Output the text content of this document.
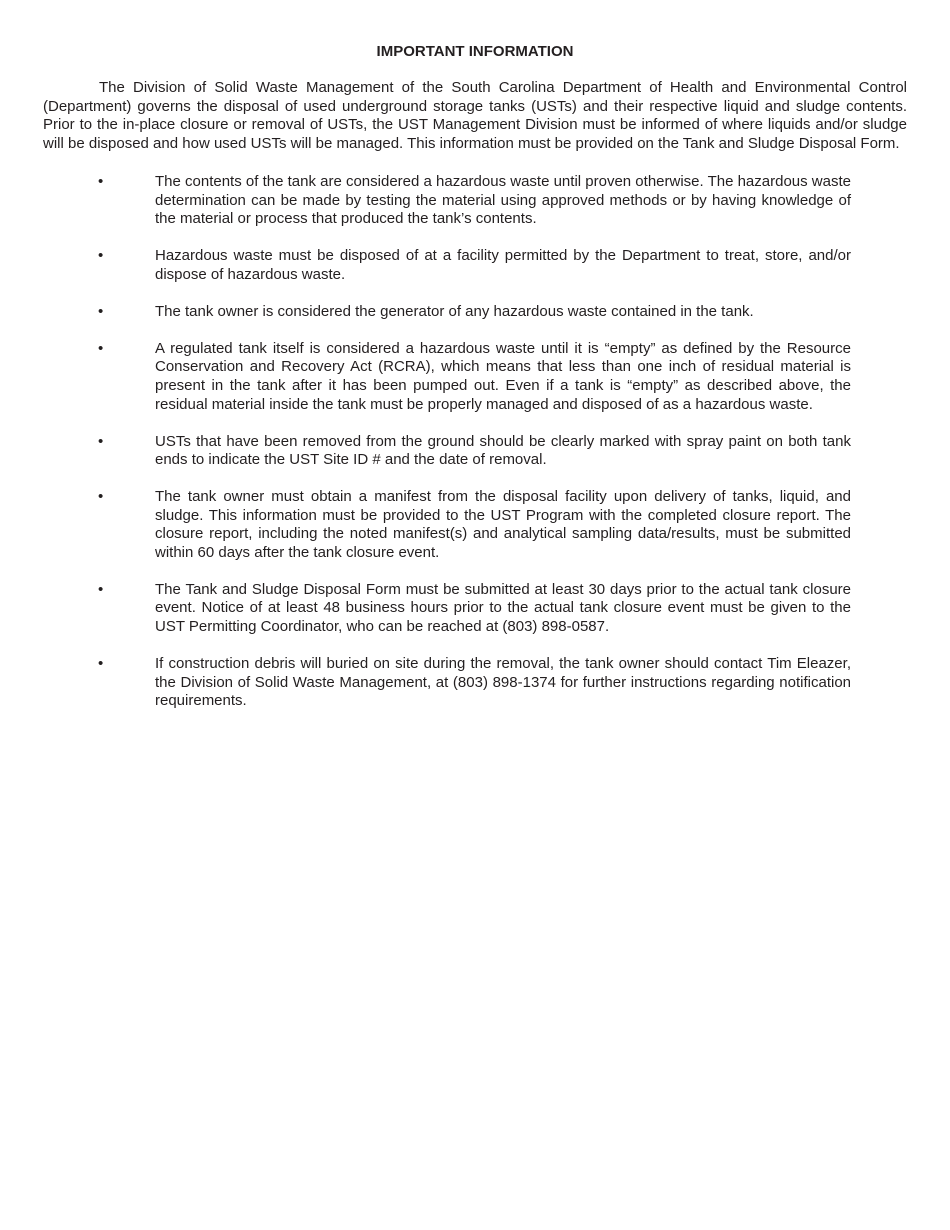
IMPORTANT INFORMATION

The Division of Solid Waste Management of the South Carolina Department of Health and Environmental Control (Department) governs the disposal of used underground storage tanks (USTs) and their respective liquid and sludge contents. Prior to the in-place closure or removal of USTs, the UST Management Division must be informed of where liquids and/or sludge will be disposed and how used USTs will be managed. This information must be provided on the Tank and Sludge Disposal Form.

•	The contents of the tank are considered a hazardous waste until proven otherwise. The hazardous waste determination can be made by testing the material using approved methods or by having knowledge of the material or process that produced the tank’s contents.
•	Hazardous waste must be disposed of at a facility permitted by the Department to treat, store, and/or dispose of hazardous waste.
•	The tank owner is considered the generator of any hazardous waste contained in the tank.
•	A regulated tank itself is considered a hazardous waste until it is “empty” as defined by the Resource Conservation and Recovery Act (RCRA), which means that less than one inch of residual material is present in the tank after it has been pumped out. Even if a tank is “empty” as described above, the residual material inside the tank must be properly managed and disposed of as a hazardous waste.
•	USTs that have been removed from the ground should be clearly marked with spray paint on both tank ends to indicate the UST Site ID # and the date of removal.
•	The tank owner must obtain a manifest from the disposal facility upon delivery of tanks, liquid, and sludge. This information must be provided to the UST Program with the completed closure report. The closure report, including the noted manifest(s) and analytical sampling data/results, must be submitted within 60 days after the tank closure event.
•	The Tank and Sludge Disposal Form must be submitted at least 30 days prior to the actual tank closure event. Notice of at least 48 business hours prior to the actual tank closure event must be given to the UST Permitting Coordinator, who can be reached at (803) 898-0587.
•	If construction debris will buried on site during the removal, the tank owner should contact Tim Eleazer, the Division of Solid Waste Management, at (803) 898-1374 for further instructions regarding notification requirements.
